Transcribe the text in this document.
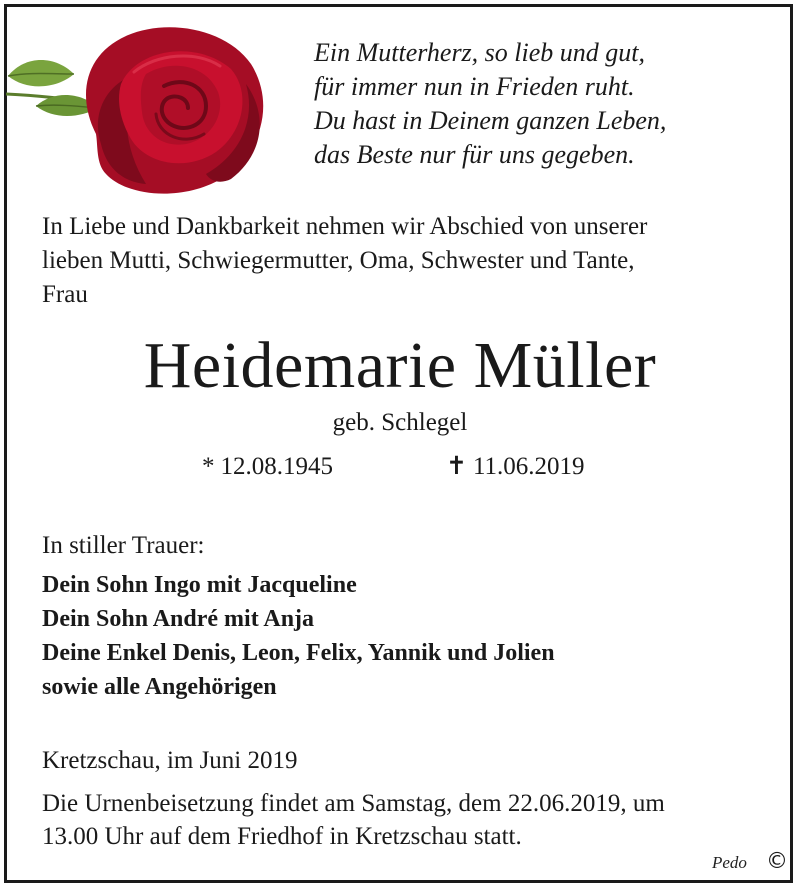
Ein Mutterherz, so lieb und gut,
für immer nun in Frieden ruht.
Du hast in Deinem ganzen Leben,
das Beste nur für uns gegeben.
In Liebe und Dankbarkeit nehmen wir Abschied von unserer
lieben Mutti, Schwiegermutter, Oma, Schwester und Tante,
Frau
Heidemarie Müller
geb. Schlegel
* 12.08.1945	✝ 11.06.2019
In stiller Trauer:
Dein Sohn Ingo mit Jacqueline
Dein Sohn André mit Anja
Deine Enkel Denis, Leon, Felix, Yannik und Jolien
sowie alle Angehörigen
Kretzschau, im Juni 2019
Die Urnenbeisetzung findet am Samstag, dem 22.06.2019, um
13.00 Uhr auf dem Friedhof in Kretzschau statt.
Pedo ©
